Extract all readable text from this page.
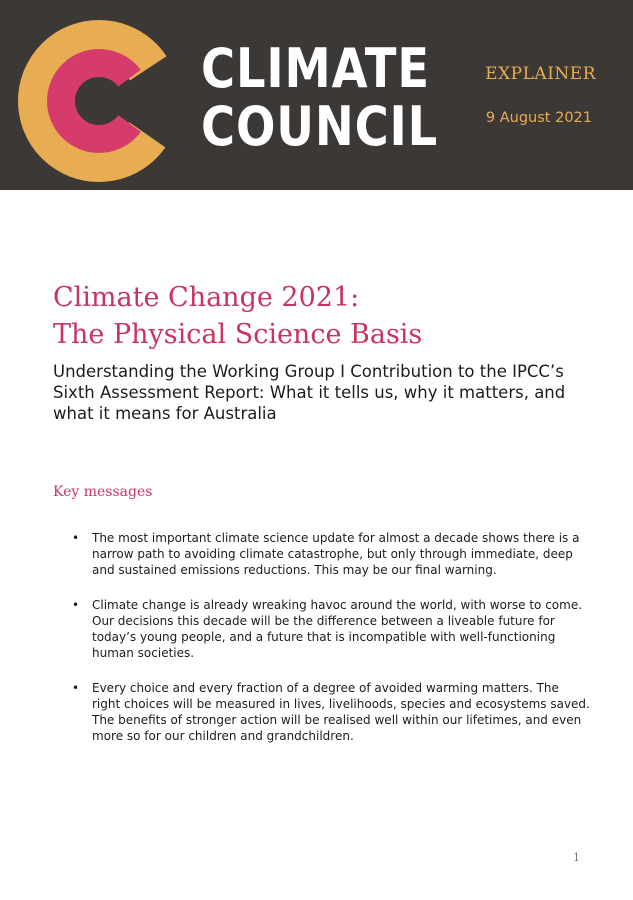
CLIMATE
COUNCIL
EXPLAINER
9 August 2021
Climate Change 2021:
The Physical Science Basis

Understanding the Working Group I Contribution to the IPCC’s Sixth Assessment Report: What it tells us, why it matters, and what it means for Australia

Key messages
• The most important climate science update for almost a decade shows there is a narrow path to avoiding climate catastrophe, but only through immediate, deep and sustained emissions reductions. This may be our final warning.
• Climate change is already wreaking havoc around the world, with worse to come. Our decisions this decade will be the difference between a liveable future for today’s young people, and a future that is incompatible with well-functioning human societies.
• Every choice and every fraction of a degree of avoided warming matters. The right choices will be measured in lives, livelihoods, species and ecosystems saved. The benefits of stronger action will be realised well within our lifetimes, and even more so for our children and grandchildren.
1
